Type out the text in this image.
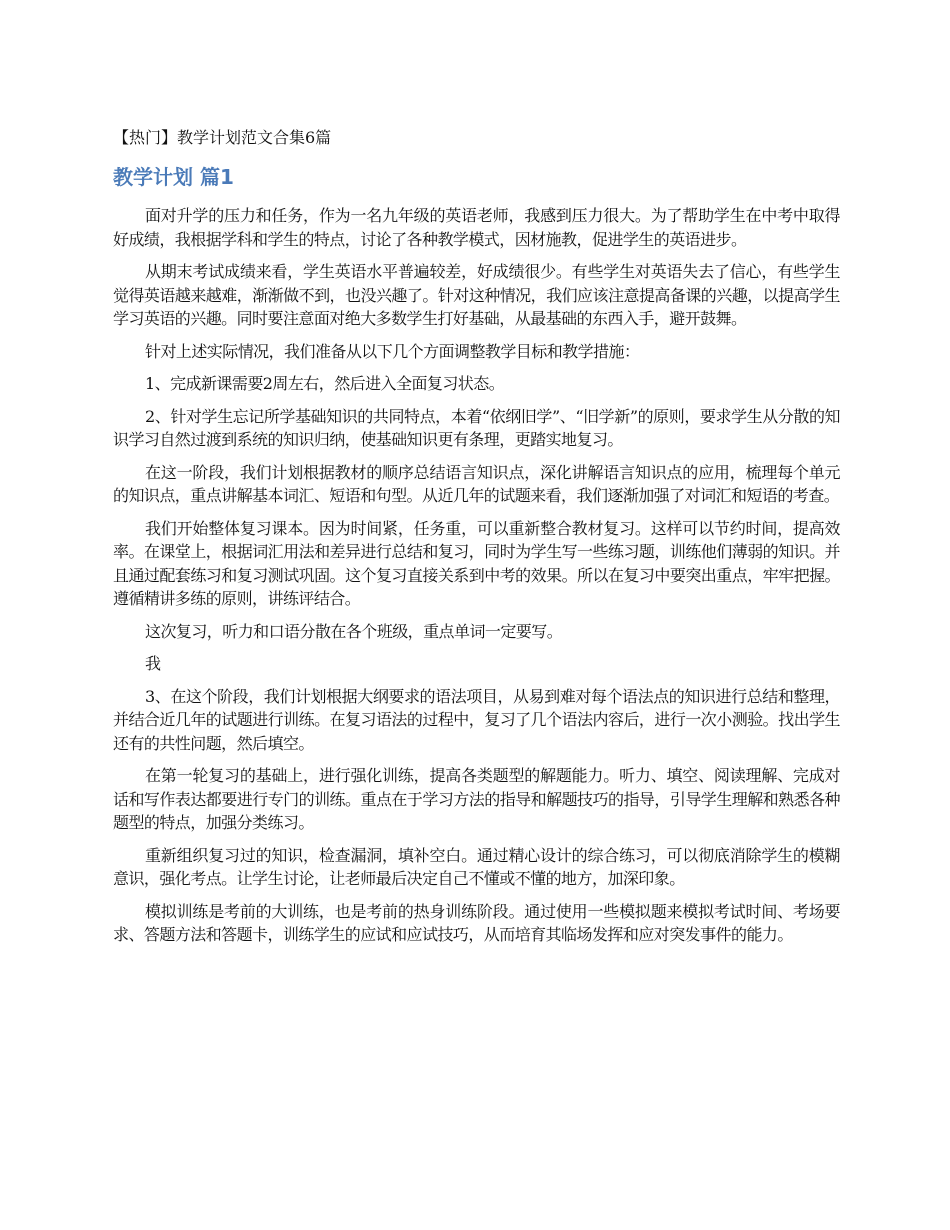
【热门】教学计划范文合集6篇
教学计划 篇1

面对升学的压力和任务，作为一名九年级的英语老师，我感到压力很大。为了帮助学生在中考中取得好成绩，我根据学科和学生的特点，讨论了各种教学模式，因材施教，促进学生的英语进步。

从期末考试成绩来看，学生英语水平普遍较差，好成绩很少。有些学生对英语失去了信心，有些学生觉得英语越来越难，渐渐做不到，也没兴趣了。针对这种情况，我们应该注意提高备课的兴趣，以提高学生学习英语的兴趣。同时要注意面对绝大多数学生打好基础，从最基础的东西入手，避开鼓舞。

针对上述实际情况，我们准备从以下几个方面调整教学目标和教学措施：

1、完成新课需要2周左右，然后进入全面复习状态。

2、针对学生忘记所学基础知识的共同特点，本着“依纲旧学”、“旧学新”的原则，要求学生从分散的知识学习自然过渡到系统的知识归纳，使基础知识更有条理，更踏实地复习。

在这一阶段，我们计划根据教材的顺序总结语言知识点，深化讲解语言知识点的应用，梳理每个单元的知识点，重点讲解基本词汇、短语和句型。从近几年的试题来看，我们逐渐加强了对词汇和短语的考查。

我们开始整体复习课本。因为时间紧，任务重，可以重新整合教材复习。这样可以节约时间，提高效率。在课堂上，根据词汇用法和差异进行总结和复习，同时为学生写一些练习题，训练他们薄弱的知识。并且通过配套练习和复习测试巩固。这个复习直接关系到中考的效果。所以在复习中要突出重点，牢牢把握。遵循精讲多练的原则，讲练评结合。

这次复习，听力和口语分散在各个班级，重点单词一定要写。

我

3、在这个阶段，我们计划根据大纲要求的语法项目，从易到难对每个语法点的知识进行总结和整理，并结合近几年的试题进行训练。在复习语法的过程中，复习了几个语法内容后，进行一次小测验。找出学生还有的共性问题，然后填空。

在第一轮复习的基础上，进行强化训练，提高各类题型的解题能力。听力、填空、阅读理解、完成对话和写作表达都要进行专门的训练。重点在于学习方法的指导和解题技巧的指导，引导学生理解和熟悉各种题型的特点，加强分类练习。

重新组织复习过的知识，检查漏洞，填补空白。通过精心设计的综合练习，可以彻底消除学生的模糊意识，强化考点。让学生讨论，让老师最后决定自己不懂或不懂的地方，加深印象。

模拟训练是考前的大训练，也是考前的热身训练阶段。通过使用一些模拟题来模拟考试时间、考场要求、答题方法和答题卡，训练学生的应试和应试技巧，从而培育其临场发挥和应对突发事件的能力。
